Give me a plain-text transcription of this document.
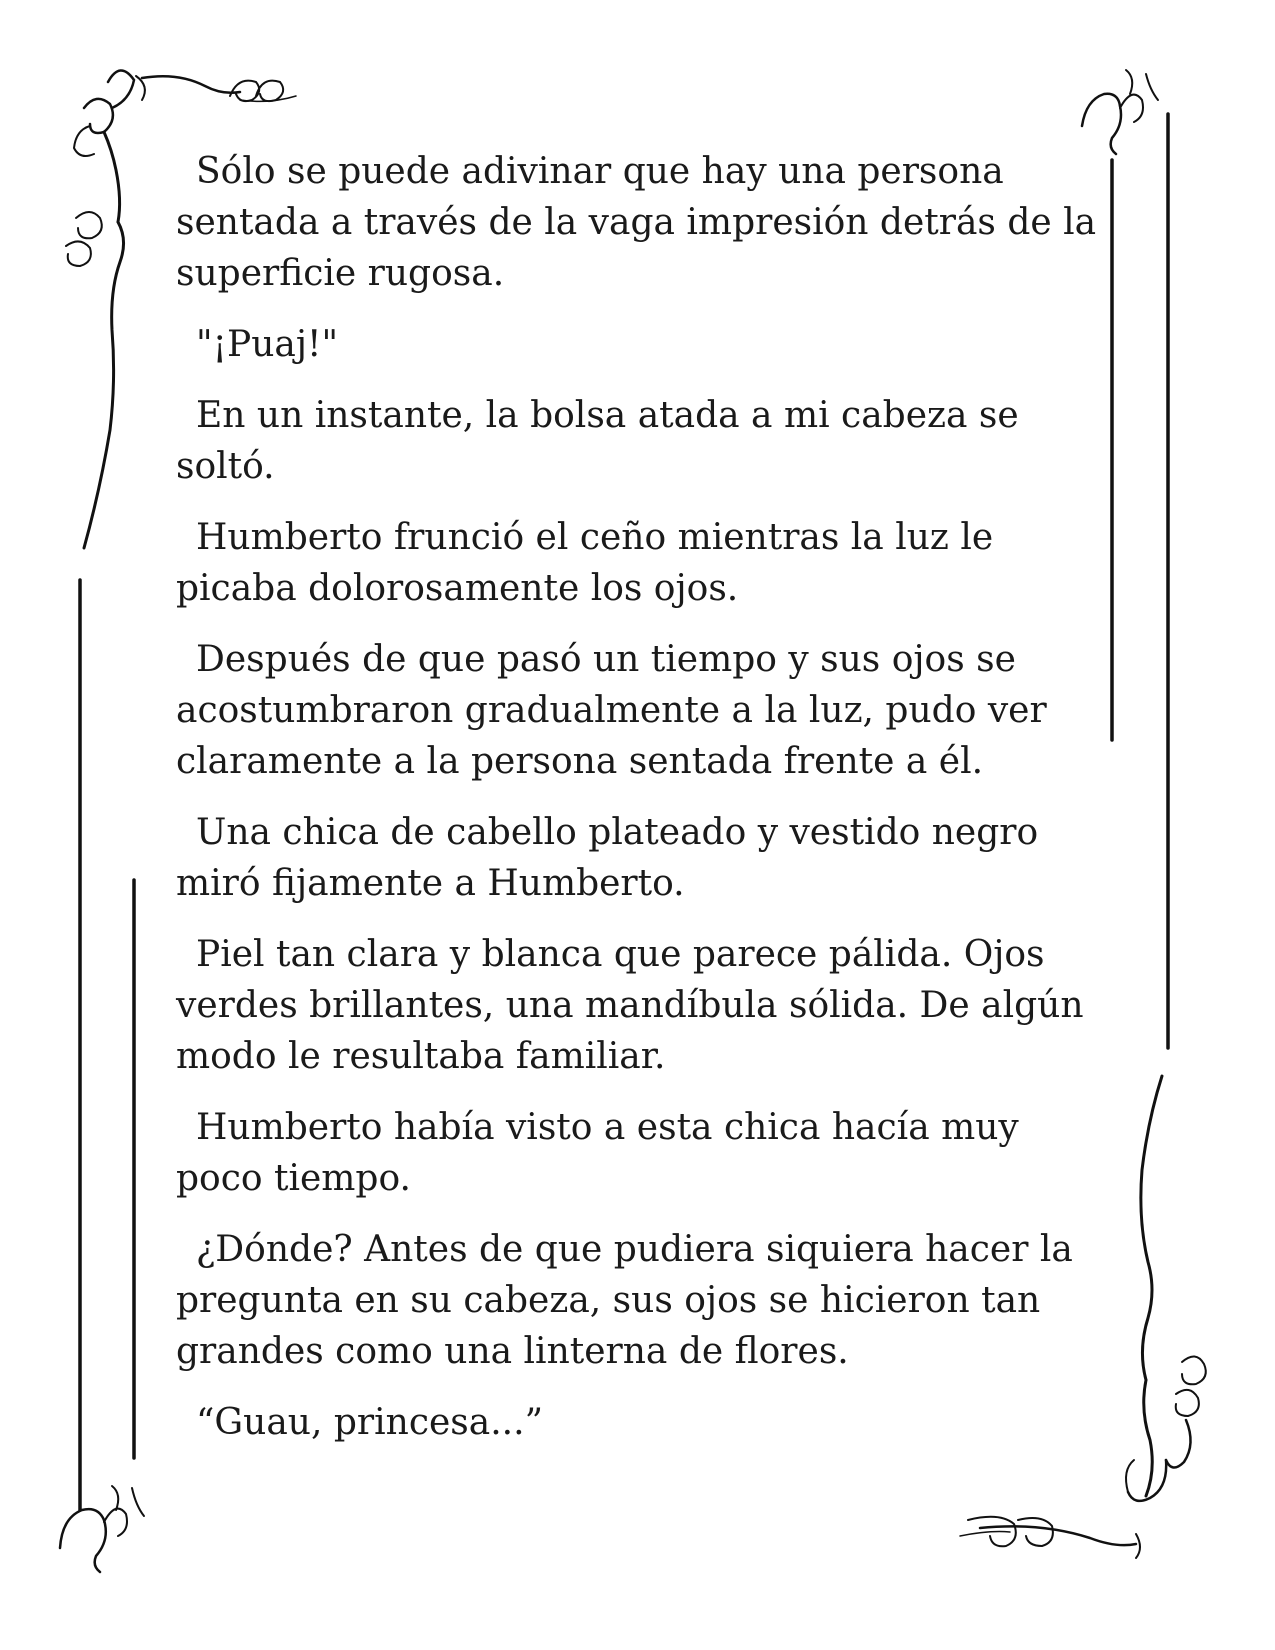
Sólo se puede adivinar que hay una persona sentada a través de la vaga impresión detrás de la superficie rugosa.

"¡Puaj!"

En un instante, la bolsa atada a mi cabeza se soltó.

Humberto frunció el ceño mientras la luz le picaba dolorosamente los ojos.

Después de que pasó un tiempo y sus ojos se acostumbraron gradualmente a la luz, pudo ver claramente a la persona sentada frente a él.

Una chica de cabello plateado y vestido negro miró fijamente a Humberto.

Piel tan clara y blanca que parece pálida. Ojos verdes brillantes, una mandíbula sólida. De algún modo le resultaba familiar.

Humberto había visto a esta chica hacía muy poco tiempo.

¿Dónde? Antes de que pudiera siquiera hacer la pregunta en su cabeza, sus ojos se hicieron tan grandes como una linterna de flores.

“Guau, princesa...”
